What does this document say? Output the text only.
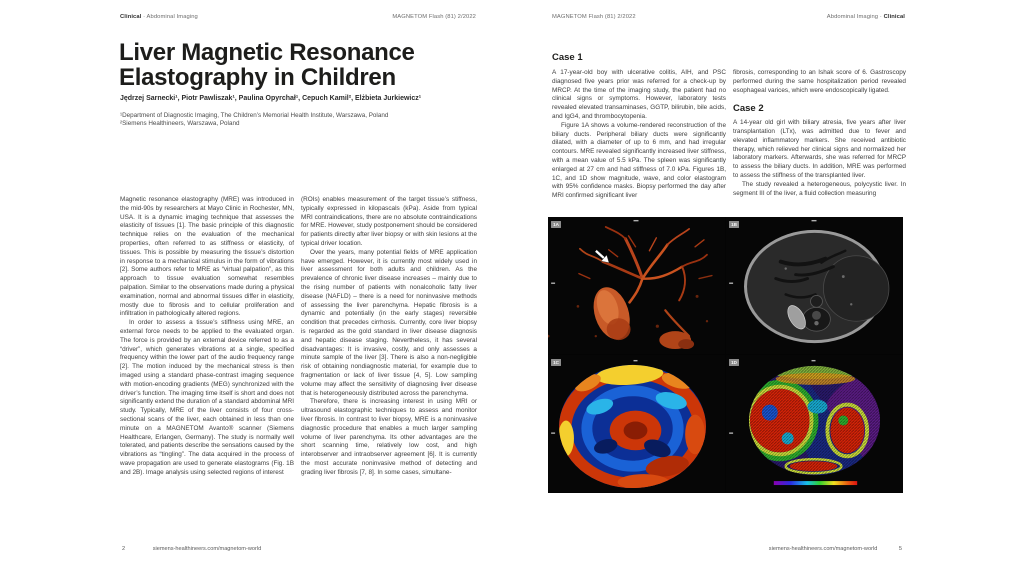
Clinical · Abdominal Imaging	MAGNETOM Flash (81) 2/2022
Liver Magnetic Resonance Elastography in Children
Jędrzej Sarnecki¹, Piotr Pawliszak¹, Paulina Opyrchał¹, Cepuch Kamil², Elżbieta Jurkiewicz¹
¹Department of Diagnostic Imaging, The Children’s Memorial Health Institute, Warszawa, Poland
²Siemens Healthineers, Warszawa, Poland

Magnetic resonance elastography (MRE) was introduced in the mid-90s by researchers at Mayo Clinic in Rochester, MN, USA. It is a dynamic imaging technique that assesses the elasticity of tissues [1]. The basic principle of this diagnostic technique relies on the evaluation of the mechanical properties, often referred to as stiffness or elasticity, of tissues. This is possible by measuring the tissue’s distortion in response to a mechanical stimulus in the form of vibrations [2]. Some authors refer to MRE as “virtual palpation”, as this approach to tissue evaluation somewhat resembles palpation. Similar to the observations made during a physical examination, normal and abnormal tissues differ in elasticity, mostly due to fibrosis and to cellular proliferation and infiltration in pathologically altered regions.

In order to assess a tissue’s stiffness using MRE, an external force needs to be applied to the evaluated organ. The force is provided by an external device referred to as a “driver”, which generates vibrations at a single, specified frequency within the lower part of the audio frequency range [2]. The motion induced by the mechanical stress is then imaged using a standard phase-contrast imaging sequence with motion-encoding gradients (MEG) synchronized with the driver’s function. The imaging time itself is short and does not significantly extend the duration of a standard abdominal MRI study. Typically, MRE of the liver consists of four cross-sectional scans of the liver, each obtained in less than one minute on a MAGNETOM Avanto® scanner (Siemens Healthcare, Erlangen, Germany). The study is normally well tolerated, and patients describe the sensations caused by the vibrations as “tingling”. The data acquired in the process of wave propagation are used to generate elastograms (Fig. 1B and 2B). Image analysis using selected regions of interest

(ROIs) enables measurement of the target tissue’s stiffness, typically expressed in kilopascals (kPa). Aside from typical MRI contraindications, there are no absolute contraindications for MRE. However, study postponement should be considered for patients directly after liver biopsy or with skin lesions at the typical driver location.

Over the years, many potential fields of MRE application have emerged. However, it is currently most widely used in liver assessment for both adults and children. As the prevalence of chronic liver disease increases – mainly due to the rising number of patients with nonalcoholic fatty liver disease (NAFLD) – there is a need for noninvasive methods of assessing the liver parenchyma. Hepatic fibrosis is a dynamic and potentially (in the early stages) reversible condition that precedes cirrhosis. Currently, core liver biopsy is regarded as the gold standard in liver disease diagnosis and hepatic disease staging. Nevertheless, it has several disadvantages: It is invasive, costly, and only assesses a minute sample of the liver [3]. There is also a non-negligible risk of obtaining nondiagnostic material, for example due to fragmentation or lack of liver tissue [4, 5]. Low sampling volume may affect the sensitivity of diagnosing liver disease that is heterogeneously distributed across the parenchyma.

Therefore, there is increasing interest in using MRI or ultrasound elastographic techniques to assess and monitor liver fibrosis. In contrast to liver biopsy, MRE is a noninvasive diagnostic procedure that enables a much larger sampling volume of liver parenchyma. Its other advantages are the short scanning time, relatively low cost, and high interobserver and intraobserver agreement [6]. It is currently the most accurate noninvasive method of detecting and grading liver fibrosis [7, 8]. In some cases, simultane-

2	siemens-healthineers.com/magnetom-world
MAGNETOM Flash (81) 2/2022	Abdominal Imaging · Clinical
Case 1

A 17-year-old boy with ulcerative colitis, AIH, and PSC diagnosed five years prior was referred for a check-up by MRCP. At the time of the imaging study, the patient had no clinical signs or symptoms. However, laboratory tests revealed elevated transaminases, GGTP, bilirubin, bile acids, and IgG4, and thrombocytopenia.

Figure 1A shows a volume-rendered reconstruction of the biliary ducts. Peripheral biliary ducts were significantly dilated, with a diameter of up to 6 mm, and had irregular contours. MRE revealed significantly increased liver stiffness, with a mean value of 5.5 kPa. The spleen was significantly enlarged at 27 cm and had stiffness of 7.0 kPa. Figures 1B, 1C, and 1D show magnitude, wave, and color elastogram with 95% confidence masks. Biopsy performed the day after MRI confirmed significant liver

fibrosis, corresponding to an Ishak score of 6. Gastroscopy performed during the same hospitalization period revealed esophageal varices, which were endoscopically ligated.

Case 2

A 14-year old girl with biliary atresia, five years after liver transplantation (LTx), was admitted due to fever and elevated inflammatory markers. She received antibiotic therapy, which relieved her clinical signs and normalized her laboratory markers. Afterwards, she was referred for MRCP to assess the biliary ducts. In addition, MRE was performed to assess the stiffness of the transplanted liver.

The study revealed a heterogeneous, polycystic liver. In segment III of the liver, a fluid collection measuring

1A	1B
1C	1D
siemens-healthineers.com/magnetom-world	5
